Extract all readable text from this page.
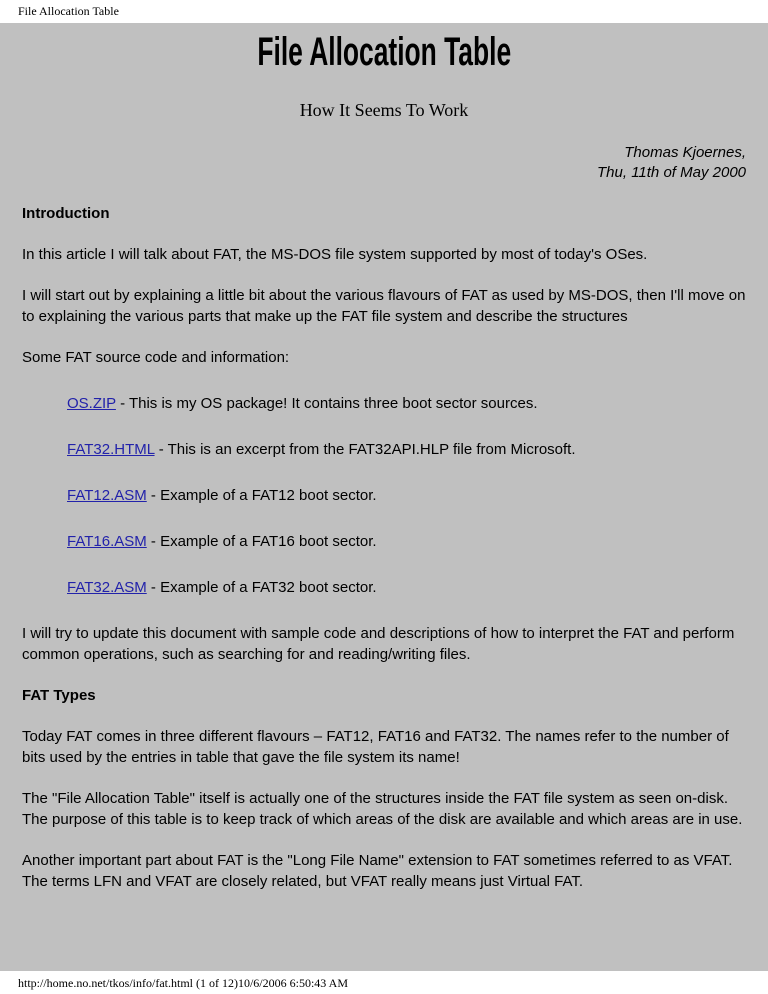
File Allocation Table
File Allocation Table
How It Seems To Work
Thomas Kjoernes,
Thu, 11th of May 2000
Introduction

In this article I will talk about FAT, the MS-DOS file system supported by most of today's OSes.

I will start out by explaining a little bit about the various flavours of FAT as used by MS-DOS, then I'll move on to explaining the various parts that make up the FAT file system and describe the structures

Some FAT source code and information:

OS.ZIP - This is my OS package! It contains three boot sector sources.

FAT32.HTML - This is an excerpt from the FAT32API.HLP file from Microsoft.

FAT12.ASM - Example of a FAT12 boot sector.

FAT16.ASM - Example of a FAT16 boot sector.

FAT32.ASM - Example of a FAT32 boot sector.

I will try to update this document with sample code and descriptions of how to interpret the FAT and perform common operations, such as searching for and reading/writing files.

FAT Types

Today FAT comes in three different flavours – FAT12, FAT16 and FAT32. The names refer to the number of bits used by the entries in table that gave the file system its name!

The "File Allocation Table" itself is actually one of the structures inside the FAT file system as seen on-disk. The purpose of this table is to keep track of which areas of the disk are available and which areas are in use.

Another important part about FAT is the "Long File Name" extension to FAT sometimes referred to as VFAT. The terms LFN and VFAT are closely related, but VFAT really means just Virtual FAT.

http://home.no.net/tkos/info/fat.html (1 of 12)10/6/2006 6:50:43 AM
